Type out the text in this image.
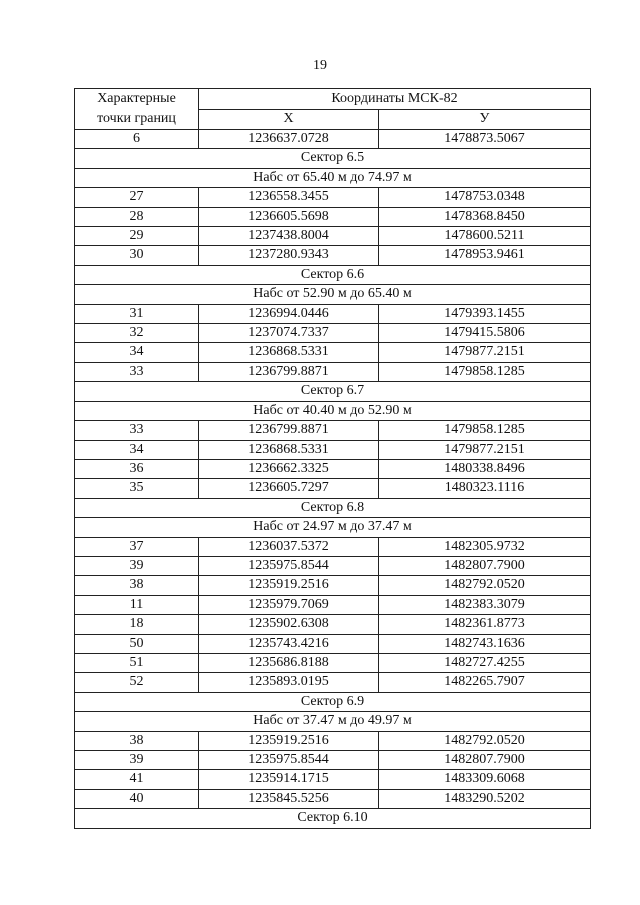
19
Характерные
точки границ	Координаты МСК-82	
	X	У
6	1236637.0728	1478873.5067
Сектор 6.5		
Набс от 65.40 м до 74.97 м		
27	1236558.3455	1478753.0348
28	1236605.5698	1478368.8450
29	1237438.8004	1478600.5211
30	1237280.9343	1478953.9461
Сектор 6.6		
Набс от 52.90 м до 65.40 м		
31	1236994.0446	1479393.1455
32	1237074.7337	1479415.5806
34	1236868.5331	1479877.2151
33	1236799.8871	1479858.1285
Сектор 6.7		
Набс от 40.40 м до 52.90 м		
33	1236799.8871	1479858.1285
34	1236868.5331	1479877.2151
36	1236662.3325	1480338.8496
35	1236605.7297	1480323.1116
Сектор 6.8		
Набс от 24.97 м до 37.47 м		
37	1236037.5372	1482305.9732
39	1235975.8544	1482807.7900
38	1235919.2516	1482792.0520
11	1235979.7069	1482383.3079
18	1235902.6308	1482361.8773
50	1235743.4216	1482743.1636
51	1235686.8188	1482727.4255
52	1235893.0195	1482265.7907
Сектор 6.9		
Набс от 37.47 м до 49.97 м		
38	1235919.2516	1482792.0520
39	1235975.8544	1482807.7900
41	1235914.1715	1483309.6068
40	1235845.5256	1483290.5202
Сектор 6.10		
